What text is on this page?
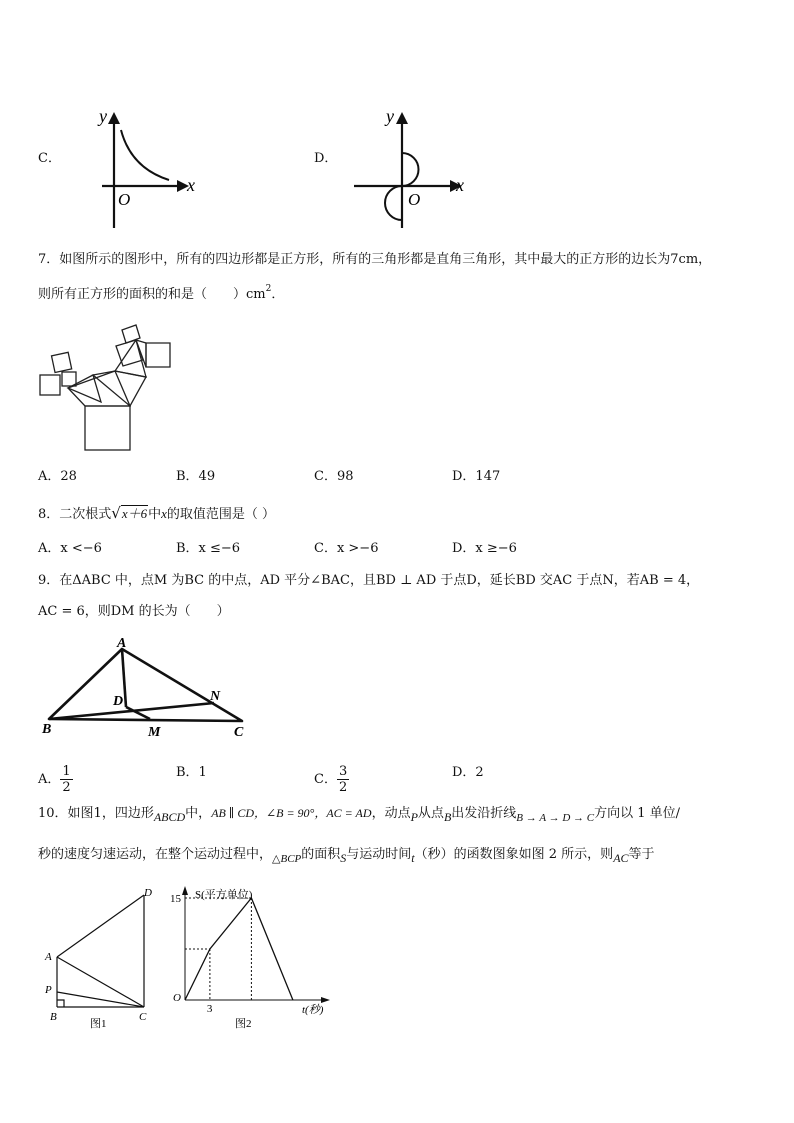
C．
y
x
O
D．
y
x
O
7．如图所示的图形中，所有的四边形都是正方形，所有的三角形都是直角三角形，其中最大的正方形的边长为7cm，
则所有正方形的面积的和是（　　）$cm^2$．
A．28	B．49	C．98	D．147
8．二次根式√x＋6中x的取值范围是（ ）
A．x <−6	B．x ≤−6	C．x >−6	D．x ≥−6
9．在ΔABC 中，点M 为BC 的中点，AD 平分∠BAC，且BD ⊥ AD 于点D，延长BD 交AC 于点N，若AB = 4，
AC = 6，则DM 的长为（　　）
A
B	C
D
M
N
A． $\frac{1}{2}$	B．1	C． $\frac{3}{2}$	D．2
10．如图1，四边形ABCD中，AB ∥ CD，∠B = 90°，AC = AD，动点P从点B出发沿折线$_{B \to A \to D \to C}$方向以 1 单位/
秒的速度匀速运动，在整个运动过程中，$_{\triangle BCP}$的面积S与运动时间t（秒）的函数图象如图 2 所示，则AC等于
A
B	C
D
P
图1
15
3
S(平方单位)
O
t(秒)
图2
